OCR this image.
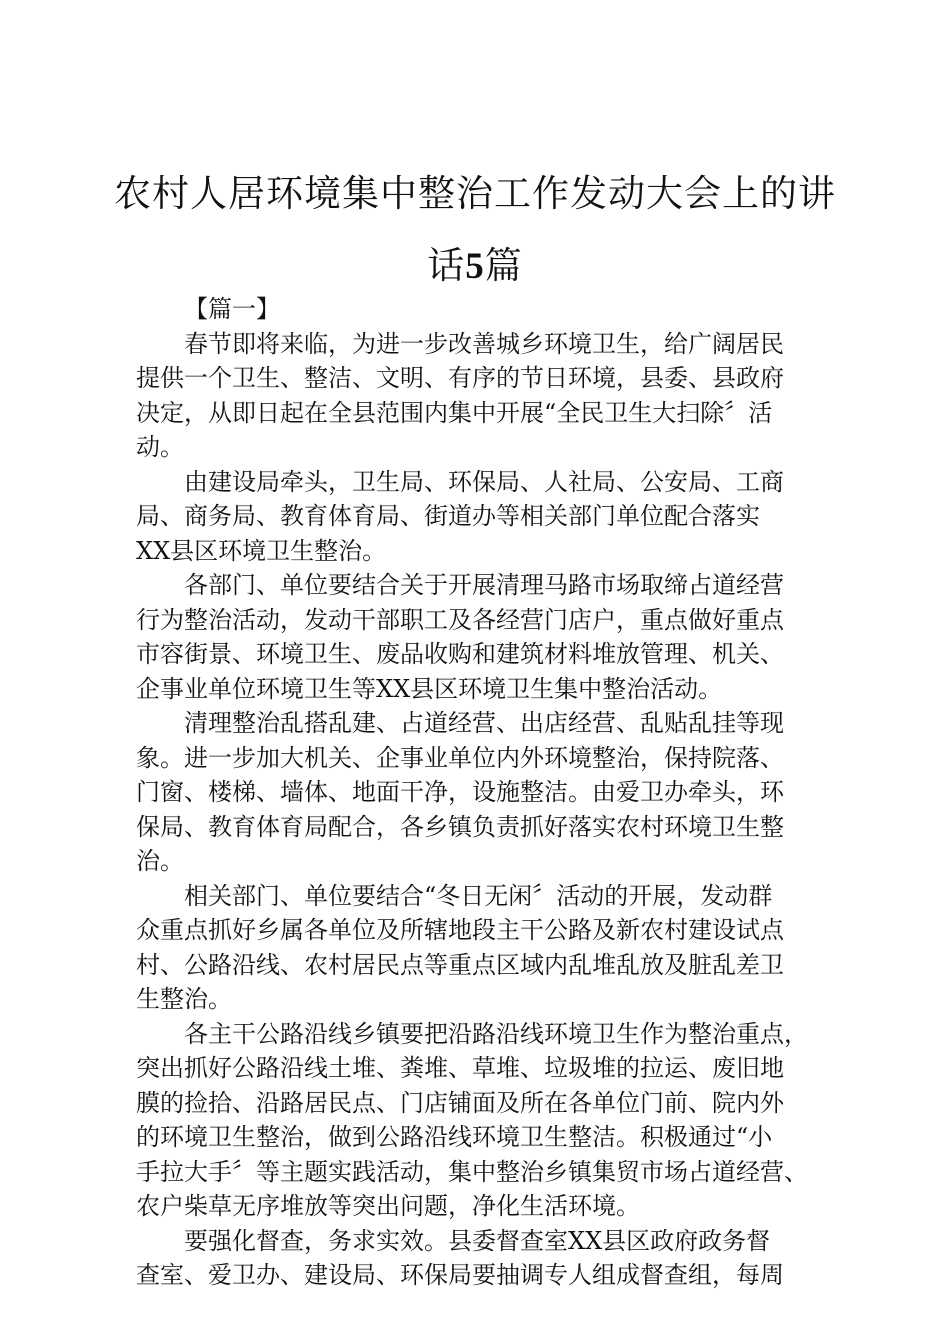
农村人居环境集中整治工作发动大会上的讲
话5篇

【篇一】

春节即将来临，为进一步改善城乡环境卫生，给广阔居民
提供一个卫生、整洁、文明、有序的节日环境，县委、县政府
决定，从即日起在全县范围内集中开展“全民卫生大扫除〞活
动。

由建设局牵头，卫生局、环保局、人社局、公安局、工商
局、商务局、教育体育局、街道办等相关部门单位配合落实
XX县区环境卫生整治。

各部门、单位要结合关于开展清理马路市场取缔占道经营
行为整治活动，发动干部职工及各经营门店户，重点做好重点
市容街景、环境卫生、废品收购和建筑材料堆放管理、机关、
企事业单位环境卫生等XX县区环境卫生集中整治活动。

清理整治乱搭乱建、占道经营、出店经营、乱贴乱挂等现
象。进一步加大机关、企事业单位内外环境整治，保持院落、
门窗、楼梯、墙体、地面干净，设施整洁。由爱卫办牵头，环
保局、教育体育局配合，各乡镇负责抓好落实农村环境卫生整
治。

相关部门、单位要结合“冬日无闲〞活动的开展，发动群
众重点抓好乡属各单位及所辖地段主干公路及新农村建设试点
村、公路沿线、农村居民点等重点区域内乱堆乱放及脏乱差卫
生整治。

各主干公路沿线乡镇要把沿路沿线环境卫生作为整治重点，
突出抓好公路沿线土堆、粪堆、草堆、垃圾堆的拉运、废旧地
膜的捡拾、沿路居民点、门店铺面及所在各单位门前、院内外
的环境卫生整治，做到公路沿线环境卫生整洁。积极通过“小
手拉大手〞等主题实践活动，集中整治乡镇集贸市场占道经营、
农户柴草无序堆放等突出问题，净化生活环境。

要强化督查，务求实效。县委督查室XX县区政府政务督
查室、爱卫办、建设局、环保局要抽调专人组成督查组，每周
